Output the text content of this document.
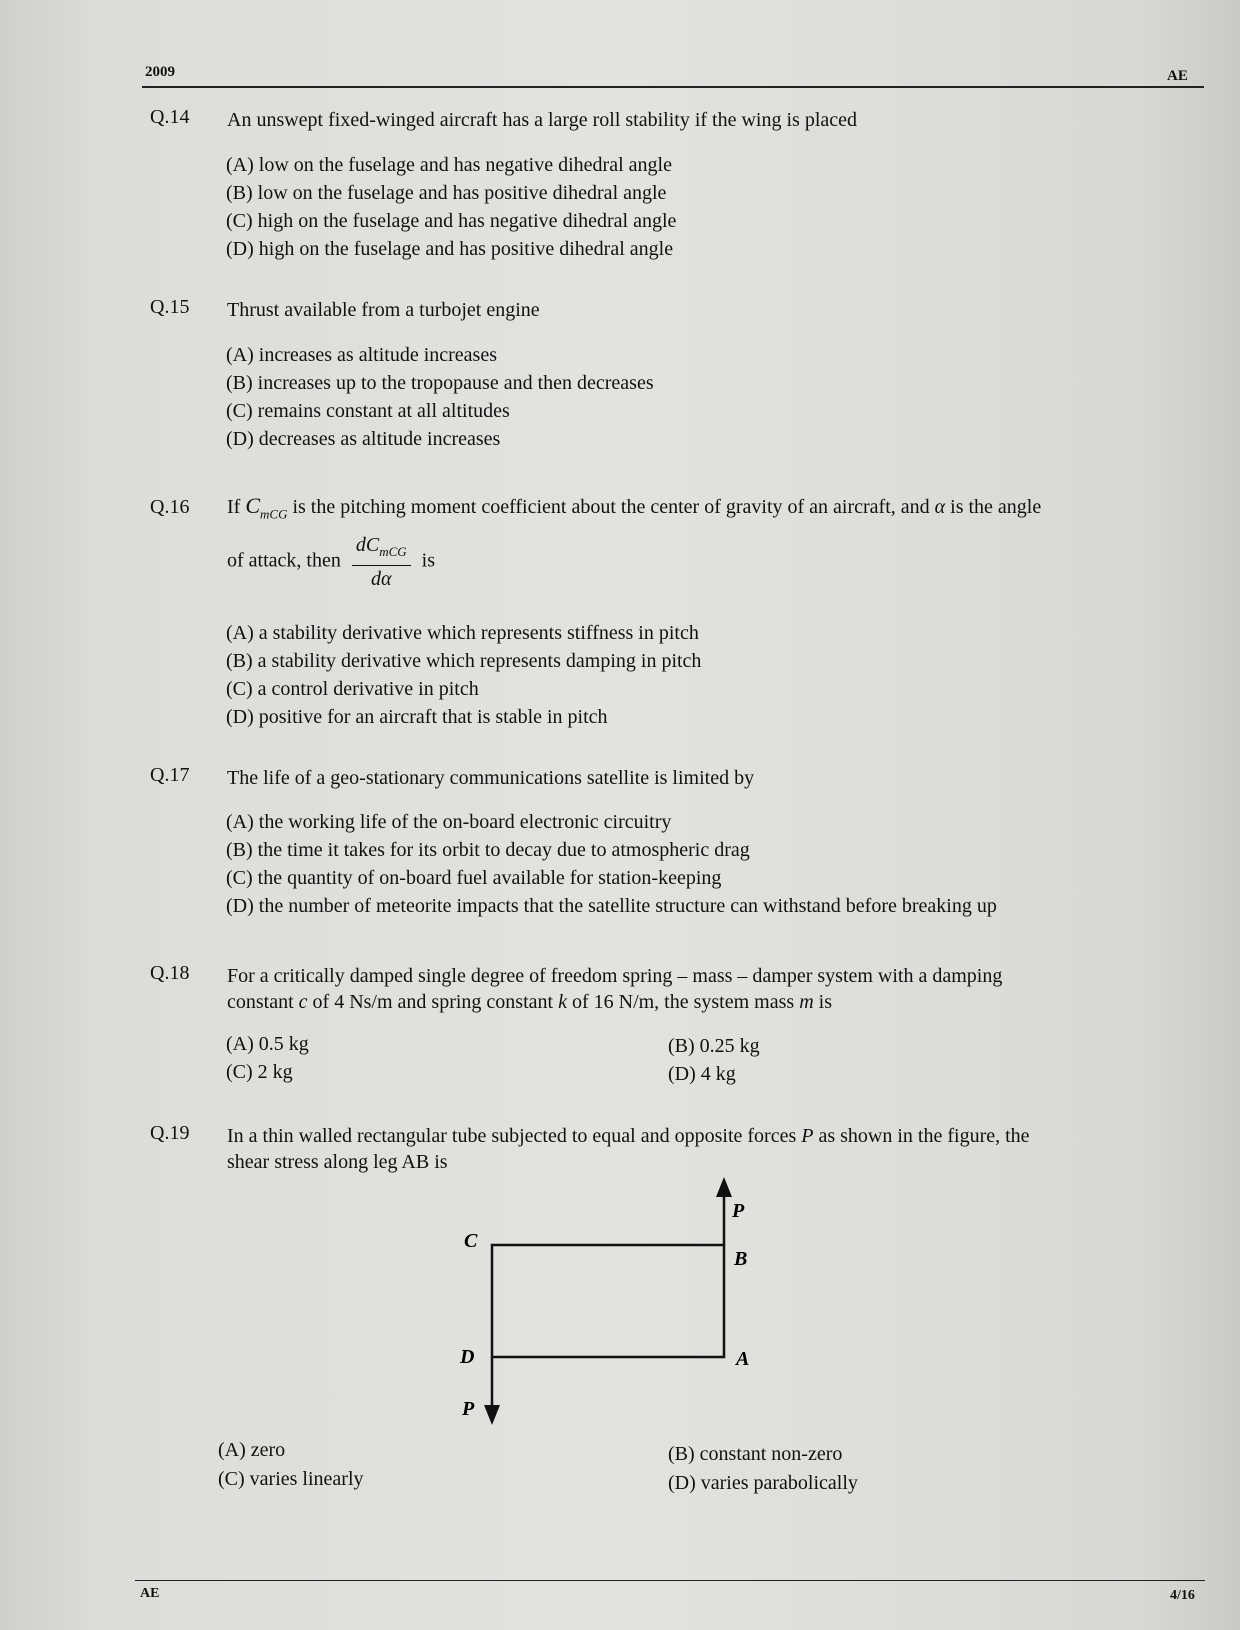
2009	AE
Q.14 An unswept fixed-winged aircraft has a large roll stability if the wing is placed
(A) low on the fuselage and has negative dihedral angle
(B) low on the fuselage and has positive dihedral angle
(C) high on the fuselage and has negative dihedral angle
(D) high on the fuselage and has positive dihedral angle
Q.15 Thrust available from a turbojet engine
(A) increases as altitude increases
(B) increases up to the tropopause and then decreases
(C) remains constant at all altitudes
(D) decreases as altitude increases
Q.16 If $C_{mCG}$ is the pitching moment coefficient about the center of gravity of an aircraft, and α is the angle
of attack, then $\frac{dC_{mCG}}{d\alpha}$ is
(A) a stability derivative which represents stiffness in pitch
(B) a stability derivative which represents damping in pitch
(C) a control derivative in pitch
(D) positive for an aircraft that is stable in pitch
Q.17 The life of a geo-stationary communications satellite is limited by
(A) the working life of the on-board electronic circuitry
(B) the time it takes for its orbit to decay due to atmospheric drag
(C) the quantity of on-board fuel available for station-keeping
(D) the number of meteorite impacts that the satellite structure can withstand before breaking up
Q.18 For a critically damped single degree of freedom spring – mass – damper system with a damping
constant c of 4 Ns/m and spring constant k of 16 N/m, the system mass m is
(A) 0.5 kg	(B) 0.25 kg
(C) 2 kg	(D) 4 kg
Q.19 In a thin walled rectangular tube subjected to equal and opposite forces P as shown in the figure, the
shear stress along leg AB is
P
C
B
D	A
P
(A) zero	(B) constant non-zero
(C) varies linearly	(D) varies parabolically
AE	4/16
